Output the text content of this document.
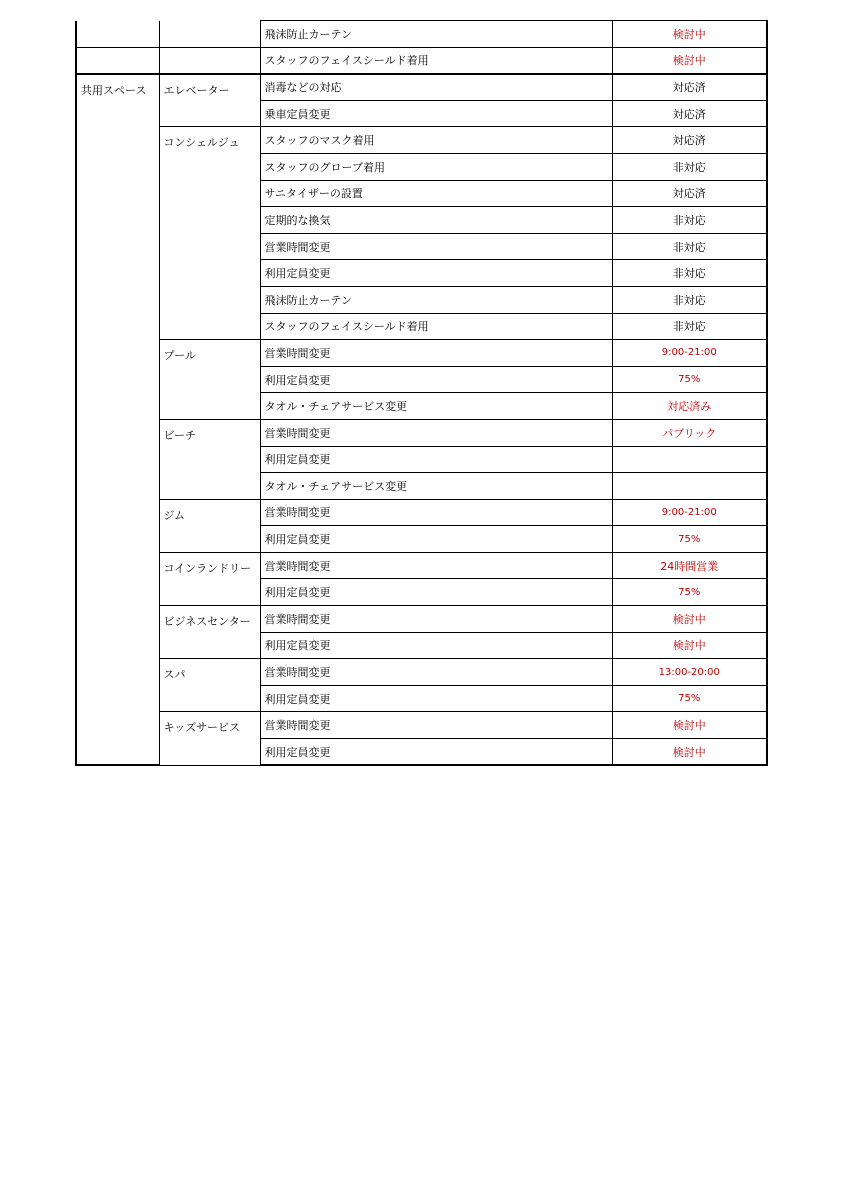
		飛沫防止カーテン	検討中
		スタッフのフェイスシールド着用	検討中
共用スペース	エレベーター	消毒などの対応	対応済
		乗車定員変更	対応済
	コンシェルジュ	スタッフのマスク着用	対応済
		スタッフのグローブ着用	非対応
		サニタイザーの設置	対応済
		定期的な換気	非対応
		営業時間変更	非対応
		利用定員変更	非対応
		飛沫防止カーテン	非対応
		スタッフのフェイスシールド着用	非対応
	プール	営業時間変更	9:00-21:00
		利用定員変更	75%
		タオル・チェアサービス変更	対応済み
	ビーチ	営業時間変更	パブリック
		利用定員変更	
		タオル・チェアサービス変更	
	ジム	営業時間変更	9:00-21:00
		利用定員変更	75%
	コインランドリー	営業時間変更	24時間営業
		利用定員変更	75%
	ビジネスセンター	営業時間変更	検討中
		利用定員変更	検討中
	スパ	営業時間変更	13:00-20:00
		利用定員変更	75%
	キッズサービス	営業時間変更	検討中
		利用定員変更	検討中
